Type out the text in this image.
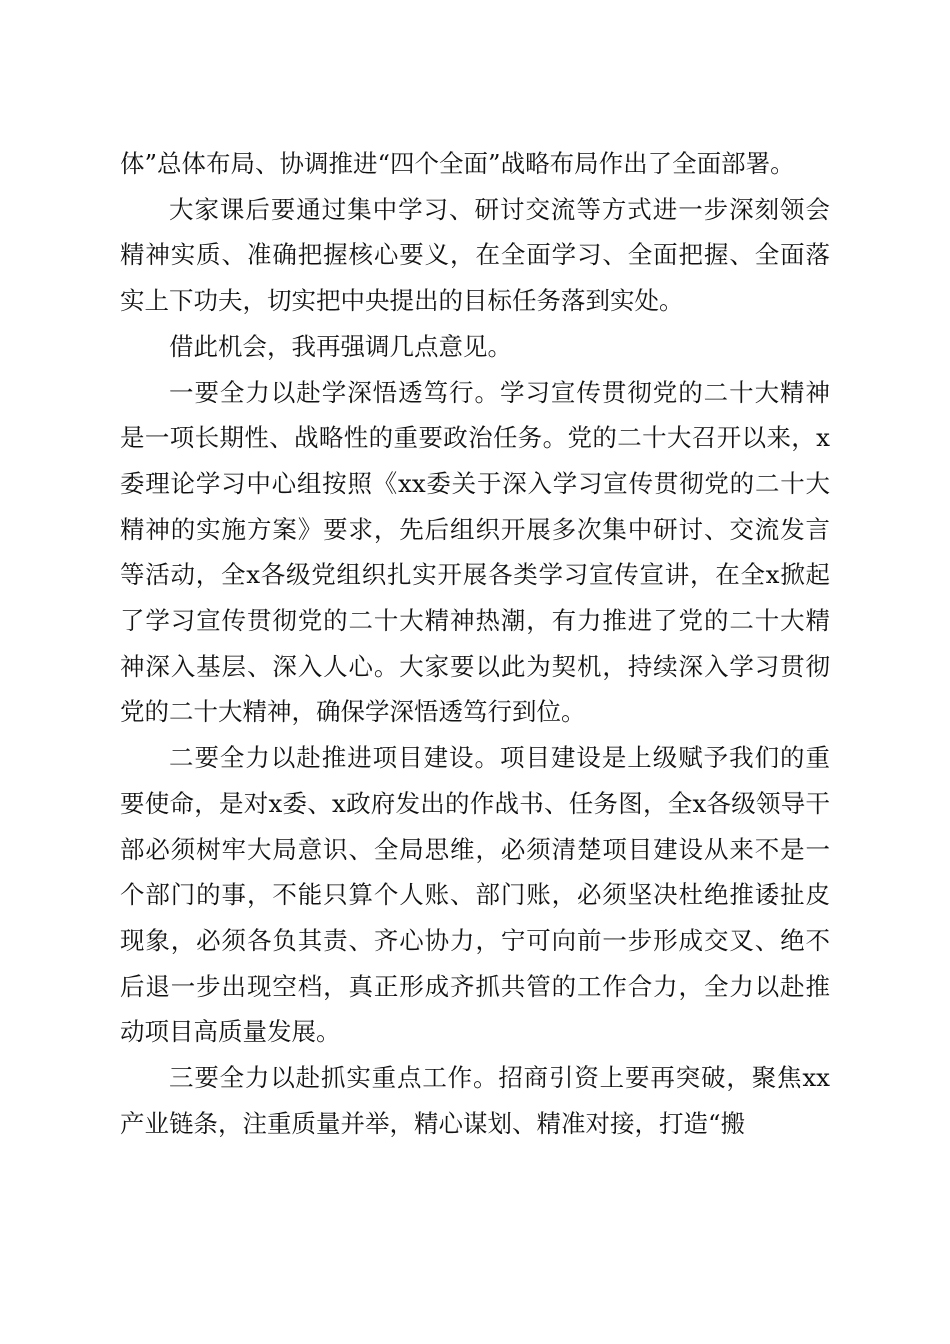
体”总体布局、协调推进“四个全面”战略布局作出了全面部署。

大家课后要通过集中学习、研讨交流等方式进一步深刻领会精神实质、准确把握核心要义，在全面学习、全面把握、全面落实上下功夫，切实把中央提出的目标任务落到实处。

借此机会，我再强调几点意见。

一要全力以赴学深悟透笃行。学习宣传贯彻党的二十大精神是一项长期性、战略性的重要政治任务。党的二十大召开以来，x委理论学习中心组按照《xx委关于深入学习宣传贯彻党的二十大精神的实施方案》要求，先后组织开展多次集中研讨、交流发言等活动，全x各级党组织扎实开展各类学习宣传宣讲，在全x掀起了学习宣传贯彻党的二十大精神热潮，有力推进了党的二十大精神深入基层、深入人心。大家要以此为契机，持续深入学习贯彻党的二十大精神，确保学深悟透笃行到位。

二要全力以赴推进项目建设。项目建设是上级赋予我们的重要使命，是对x委、x政府发出的作战书、任务图，全x各级领导干部必须树牢大局意识、全局思维，必须清楚项目建设从来不是一个部门的事，不能只算个人账、部门账，必须坚决杜绝推诿扯皮现象，必须各负其责、齐心协力，宁可向前一步形成交叉、绝不后退一步出现空档，真正形成齐抓共管的工作合力，全力以赴推动项目高质量发展。

三要全力以赴抓实重点工作。招商引资上要再突破，聚焦xx产业链条，注重质量并举，精心谋划、精准对接，打造“搬
